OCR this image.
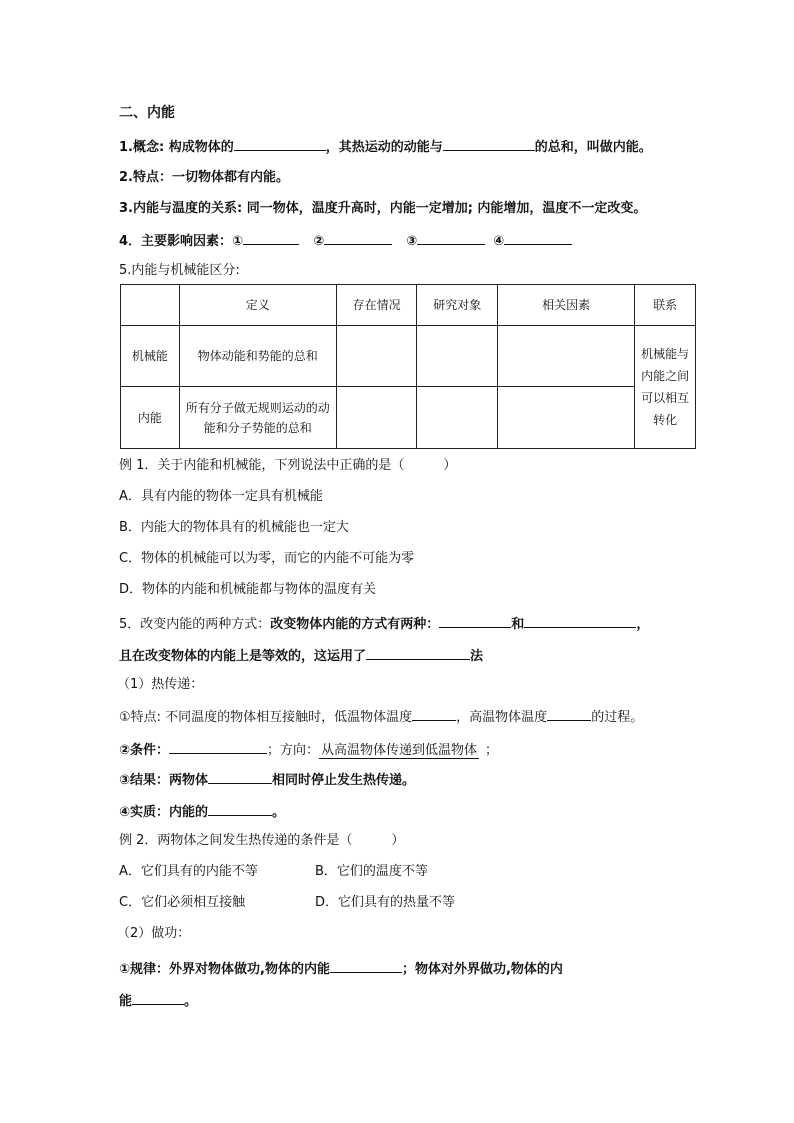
二、内能
1.概念: 构成物体的	，其热运动的动能与	的总和，叫做内能。
2.特点：一切物体都有内能。
3.内能与温度的关系: 同一物体，温度升高时，内能一定增加; 内能增加，温度不一定改变。
4．主要影响因素：①	②	③	④
5.内能与机械能区分:
	定义	存在情况	研究对象	相关因素	联系
机械能	物体动能和势能的总和				机械能与内能之间可以相互转化
内能	所有分子做无规则运动的动能和分子势能的总和				
例 1．关于内能和机械能，下列说法中正确的是（　　　）
A．具有内能的物体一定具有机械能
B．内能大的物体具有的机械能也一定大
C．物体的机械能可以为零，而它的内能不可能为零
D．物体的内能和机械能都与物体的温度有关
5．改变内能的两种方式：改变物体内能的方式有两种：	和	，
且在改变物体的内能上是等效的，这运用了	法
（1）热传递：
①特点: 不同温度的物体相互接触时，低温物体温度	，高温物体温度	的过程。
②条件：	；方向： 从高温物体传递到低温物体 ；
③结果：两物体	相同时停止发生热传递。
④实质：内能的	。
例 2．两物体之间发生热传递的条件是（　　　）
A．它们具有的内能不等	B．它们的温度不等
C．它们必须相互接触	D．它们具有的热量不等
（2）做功：
①规律：外界对物体做功,物体的内能	；物体对外界做功,物体的内
能	。
